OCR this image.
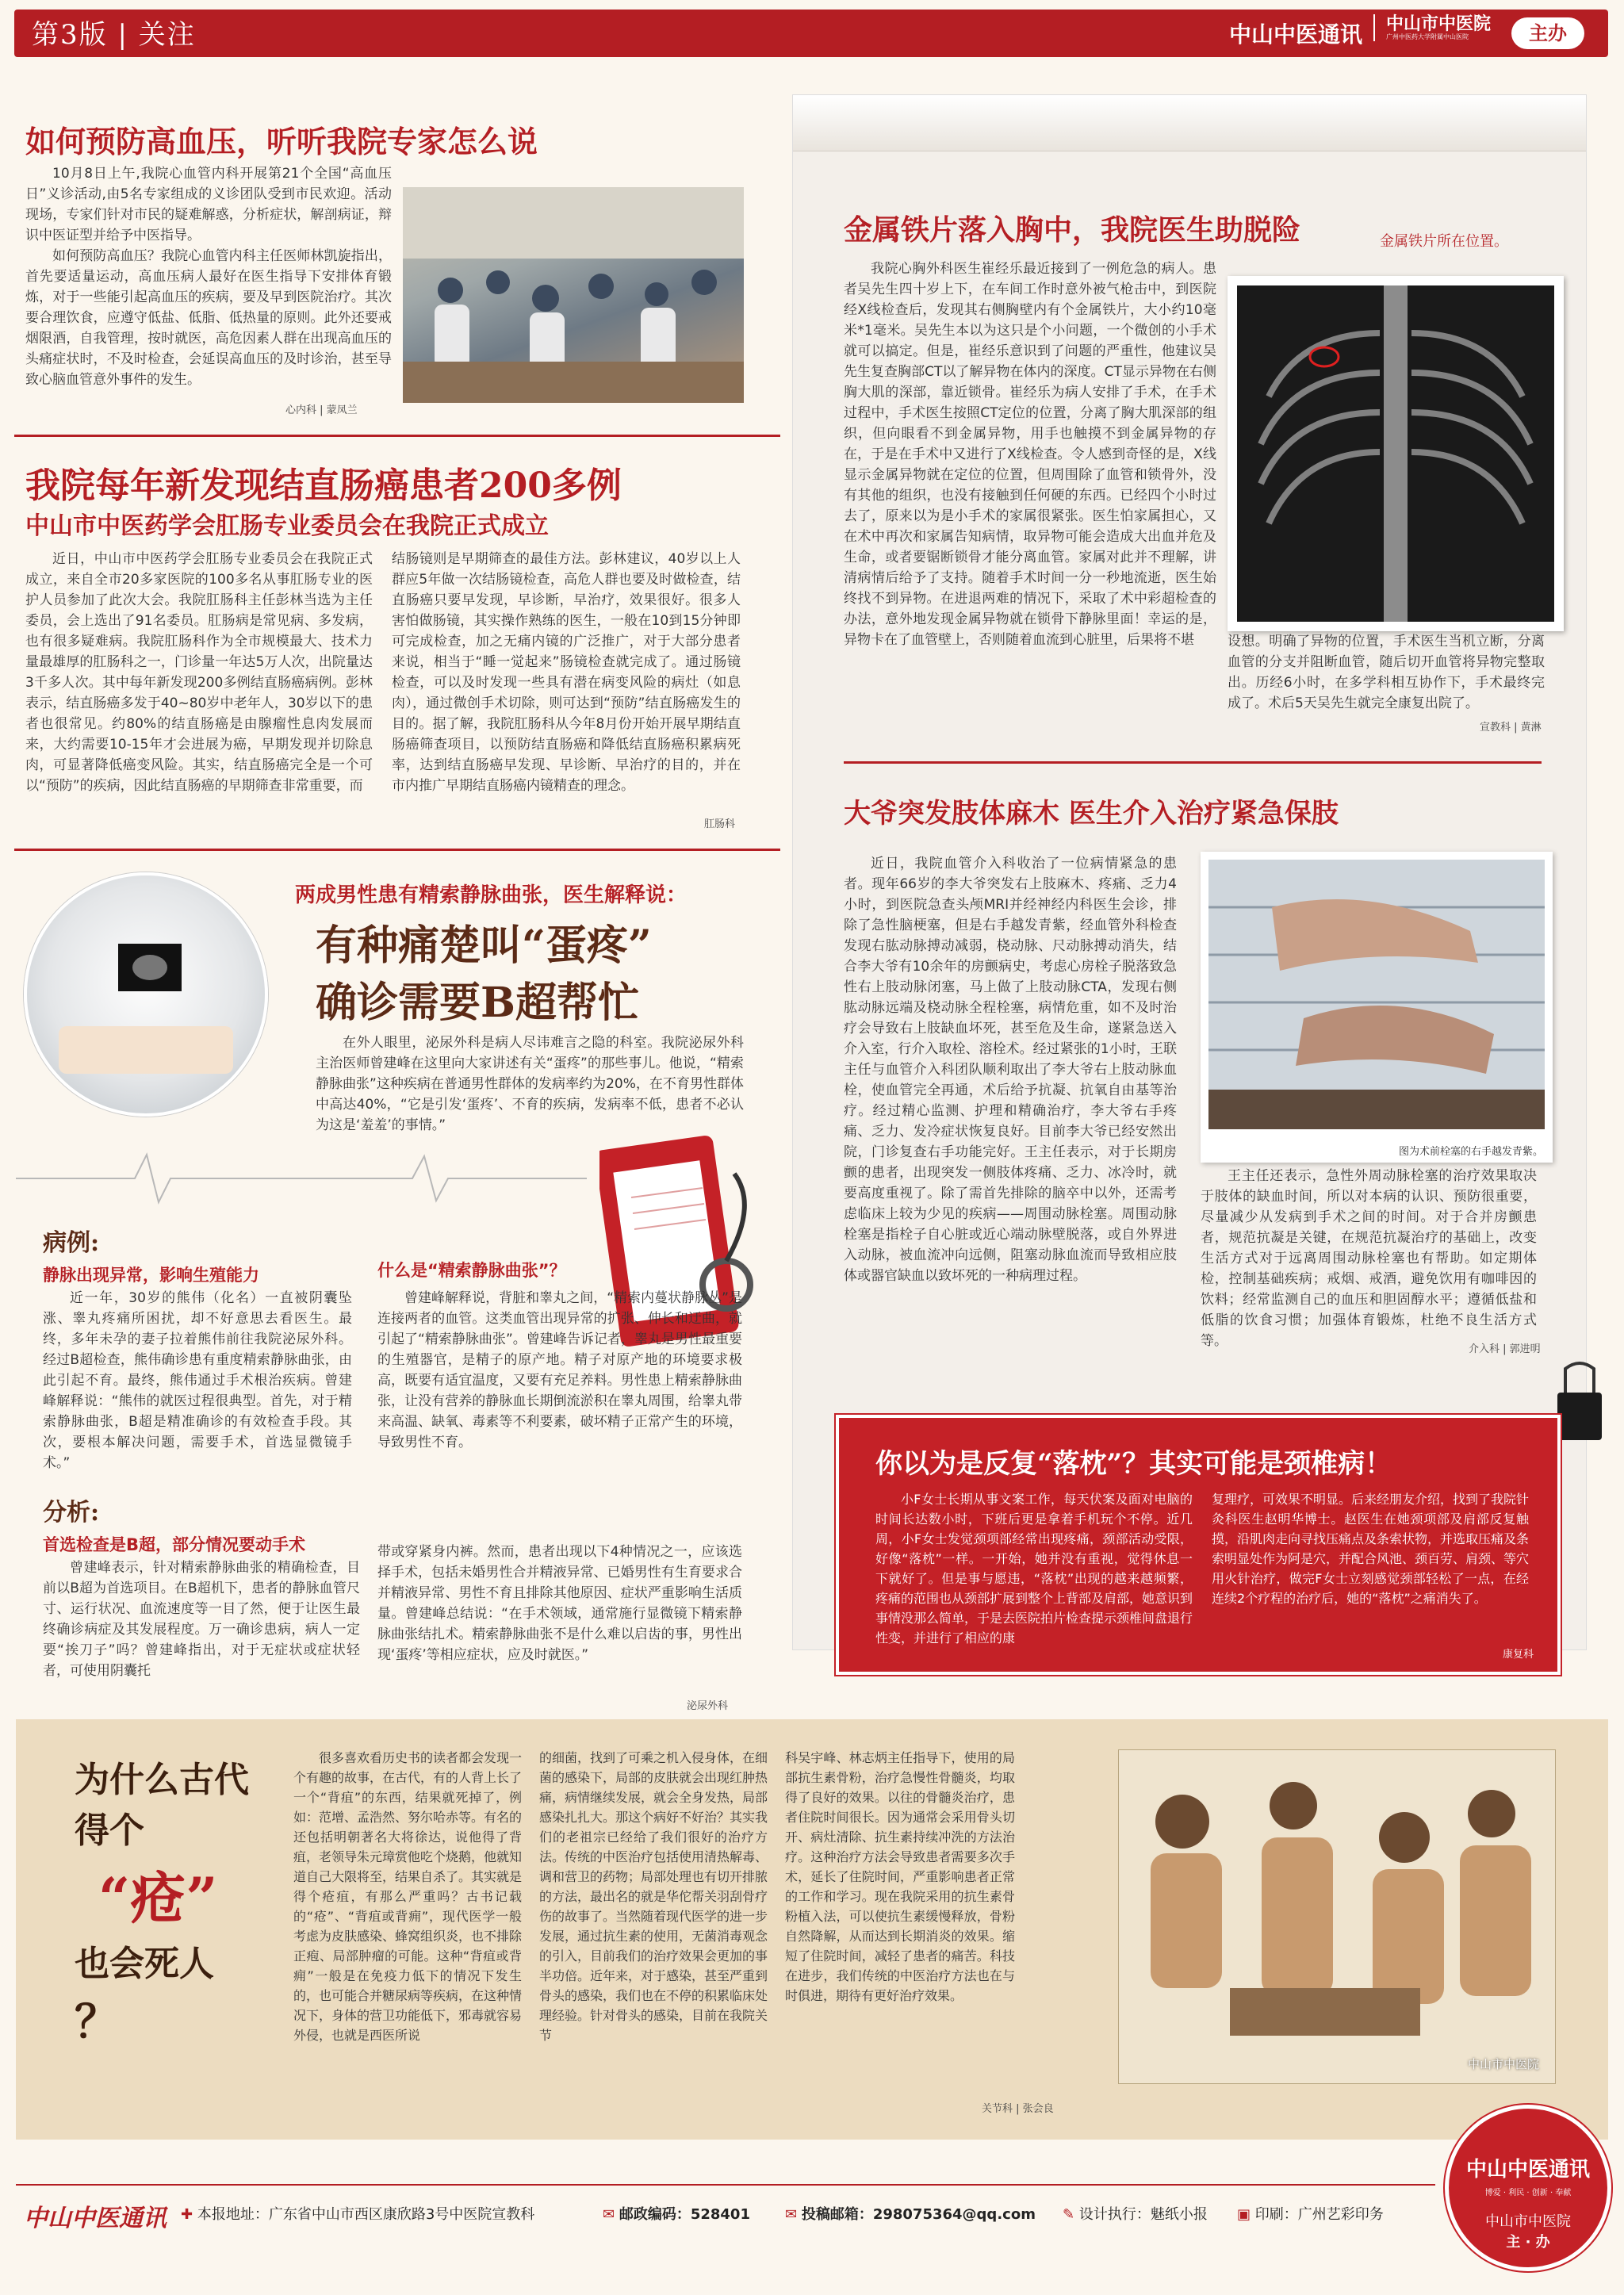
第3版 | 关注	中山中医通讯 中山市中医院
广州中医药大学附属中山医院	主办
如何预防高血压，听听我院专家怎么说

10月8日上午,我院心血管内科开展第21个全国“高血压日”义诊活动,由5名专家组成的义诊团队受到市民欢迎。活动现场，专家们针对市民的疑难解惑，分析症状，解剖病证，辩识中医证型并给予中医指导。

如何预防高血压？我院心血管内科主任医师林凯旋指出，首先要适量运动，高血压病人最好在医生指导下安排体育锻炼，对于一些能引起高血压的疾病，要及早到医院治疗。其次要合理饮食，应遵守低盐、低脂、低热量的原则。此外还要戒烟限酒，自我管理，按时就医，高危因素人群在出现高血压的头痛症状时，不及时检查，会延误高血压的及时诊治，甚至导致心脑血管意外事件的发生。

心内科 | 蒙凤兰
我院每年新发现结直肠癌患者200多例
中山市中医药学会肛肠专业委员会在我院正式成立

近日，中山市中医药学会肛肠专业委员会在我院正式成立，来自全市20多家医院的100多名从事肛肠专业的医护人员参加了此次大会。我院肛肠科主任彭林当选为主任委员，会上选出了91名委员。肛肠病是常见病、多发病，也有很多疑难病。我院肛肠科作为全市规模最大、技术力量最雄厚的肛肠科之一，门诊量一年达5万人次，出院量达3千多人次。其中每年新发现200多例结直肠癌病例。彭林表示，结直肠癌多发于40~80岁中老年人，30岁以下的患者也很常见。约80%的结直肠癌是由腺瘤性息肉发展而来，大约需要10-15年才会进展为癌，早期发现并切除息肉，可显著降低癌变风险。其实，结直肠癌完全是一个可以“预防”的疾病，因此结直肠癌的早期筛查非常重要，而

结肠镜则是早期筛查的最佳方法。彭林建议，40岁以上人群应5年做一次结肠镜检查，高危人群也要及时做检查，结直肠癌只要早发现，早诊断，早治疗，效果很好。很多人害怕做肠镜，其实操作熟练的医生，一般在10到15分钟即可完成检查，加之无痛内镜的广泛推广，对于大部分患者来说，相当于“睡一觉起来”肠镜检查就完成了。通过肠镜检查，可以及时发现一些具有潜在病变风险的病灶（如息肉），通过微创手术切除，则可达到“预防”结直肠癌发生的目的。据了解，我院肛肠科从今年8月份开始开展早期结直肠癌筛查项目，以预防结直肠癌和降低结直肠癌积累病死率，达到结直肠癌早发现、早诊断、早治疗的目的，并在市内推广早期结直肠癌内镜精查的理念。

肛肠科
两成男性患有精索静脉曲张，医生解释说：
有种痛楚叫“蛋疼”
确诊需要B超帮忙

在外人眼里，泌尿外科是病人尽讳难言之隐的科室。我院泌尿外科主治医师曾建峰在这里向大家讲述有关“蛋疼”的那些事儿。他说，“精索静脉曲张”这种疾病在普通男性群体的发病率约为20%，在不育男性群体中高达40%，“它是引发‘蛋疼’、不育的疾病，发病率不低，患者不必认为这是‘羞羞’的事情。”

病例:
静脉出现异常，影响生殖能力

近一年，30岁的熊伟（化名）一直被阴囊坠涨、睾丸疼痛所困扰，却不好意思去看医生。最终，多年未孕的妻子拉着熊伟前往我院泌尿外科。经过B超检查，熊伟确诊患有重度精索静脉曲张，由此引起不育。最终，熊伟通过手术根治疾病。曾建峰解释说：“熊伟的就医过程很典型。首先，对于精索静脉曲张，B超是精准确诊的有效检查手段。其次，要根本解决问题，需要手术，首选显微镜手术。”

什么是“精索静脉曲张”？

曾建峰解释说，背脏和睾丸之间，“精索内蔓状静脉丛”是连接两者的血管。这类血管出现异常的扩张、伸长和迂曲，就引起了“精索静脉曲张”。曾建峰告诉记者，睾丸是男性最重要的生殖器官，是精子的原产地。精子对原产地的环境要求极高，既要有适宜温度，又要有充足养料。男性患上精索静脉曲张，让没有营养的静脉血长期倒流淤积在睾丸周围，给睾丸带来高温、缺氧、毒素等不利要素，破坏精子正常产生的环境，导致男性不育。

分析:
首选检查是B超，部分情况要动手术

曾建峰表示，针对精索静脉曲张的精确检查，目前以B超为首选项目。在B超机下，患者的静脉血管尺寸、运行状况、血流速度等一目了然，便于让医生最终确诊病症及其发展程度。万一确诊患病，病人一定要“挨刀子”吗？曾建峰指出，对于无症状或症状轻者，可使用阴囊托

带或穿紧身内裤。然而，患者出现以下4种情况之一，应该选择手术，包括未婚男性合并精液异常、已婚男性有生育要求合并精液异常、男性不育且排除其他原因、症状严重影响生活质量。曾建峰总结说：“在手术领域，通常施行显微镜下精索静脉曲张结扎术。精索静脉曲张不是什么难以启齿的事，男性出现‘蛋疼’等相应症状，应及时就医。”

泌尿外科
金属铁片落入胸中，我院医生助脱险

我院心胸外科医生崔经乐最近接到了一例危急的病人。患者吴先生四十岁上下，在车间工作时意外被气枪击中，到医院经X线检查后，发现其右侧胸壁内有个金属铁片，大小约10毫米*1毫米。吴先生本以为这只是个小问题，一个微创的小手术就可以搞定。但是，崔经乐意识到了问题的严重性，他建议吴先生复查胸部CT以了解异物在体内的深度。CT显示异物在右侧胸大肌的深部，靠近锁骨。崔经乐为病人安排了手术，在手术过程中，手术医生按照CT定位的位置，分离了胸大肌深部的组织，但向眼看不到金属异物，用手也触摸不到金属异物的存在，于是在手术中又进行了X线检查。令人感到奇怪的是，X线显示金属异物就在定位的位置，但周围除了血管和锁骨外，没有其他的组织，也没有接触到任何硬的东西。已经四个小时过去了，原来以为是小手术的家属很紧张。医生怕家属担心，又在术中再次和家属告知病情，取异物可能会造成大出血并危及生命，或者要锯断锁骨才能分离血管。家属对此并不理解，讲清病情后给予了支持。随着手术时间一分一秒地流逝，医生始终找不到异物。在进退两难的情况下，采取了术中彩超检查的办法，意外地发现金属异物就在锁骨下静脉里面！幸运的是，异物卡在了血管壁上，否则随着血流到心脏里，后果将不堪

金属铁片所在位置。

设想。明确了异物的位置，手术医生当机立断，分离血管的分支并阻断血管，随后切开血管将异物完整取出。历经6小时，在多学科相互协作下，手术最终完成了。术后5天吴先生就完全康复出院了。

宣教科 | 黄淋
大爷突发肢体麻木 医生介入治疗紧急保肢

近日，我院血管介入科收治了一位病情紧急的患者。现年66岁的李大爷突发右上肢麻木、疼痛、乏力4小时，到医院急查头颅MRI并经神经内科医生会诊，排除了急性脑梗塞，但是右手越发青紫，经血管外科检查发现右肱动脉搏动减弱，桡动脉、尺动脉搏动消失，结合李大爷有10余年的房颤病史，考虑心房栓子脱落致急性右上肢动脉闭塞，马上做了上肢动脉CTA，发现右侧肱动脉远端及桡动脉全程栓塞，病情危重，如不及时治疗会导致右上肢缺血坏死，甚至危及生命，遂紧急送入介入室，行介入取栓、溶栓术。经过紧张的1小时，王联主任与血管介入科团队顺利取出了李大爷右上肢动脉血栓，使血管完全再通，术后给予抗凝、抗氧自由基等治疗。经过精心监测、护理和精确治疗，李大爷右手疼痛、乏力、发冷症状恢复良好。目前李大爷已经安然出院，门诊复查右手功能完好。王主任表示，对于长期房颤的患者，出现突发一侧肢体疼痛、乏力、冰冷时，就要高度重视了。除了需首先排除的脑卒中以外，还需考虑临床上较为少见的疾病——周围动脉栓塞。周围动脉栓塞是指栓子自心脏或近心端动脉壁脱落，或自外界进入动脉，被血流冲向远侧，阻塞动脉血流而导致相应肢体或器官缺血以致坏死的一种病理过程。

图为术前栓塞的右手越发青紫。

王主任还表示，急性外周动脉栓塞的治疗效果取决于肢体的缺血时间，所以对本病的认识、预防很重要，尽量减少从发病到手术之间的时间。对于合并房颤患者，规范抗凝是关键，在规范抗凝治疗的基础上，改变生活方式对于远离周围动脉栓塞也有帮助。如定期体检，控制基础疾病；戒烟、戒酒，避免饮用有咖啡因的饮料；经常监测自己的血压和胆固醇水平；遵循低盐和低脂的饮食习惯；加强体育锻炼，杜绝不良生活方式等。

介入科 | 郭进明
你以为是反复“落枕”？其实可能是颈椎病！

小F女士长期从事文案工作，每天伏案及面对电脑的时间长达数小时，下班后更是拿着手机玩个不停。近几周，小F女士发觉颈项部经常出现疼痛，颈部活动受限，好像“落枕”一样。一开始，她并没有重视，觉得休息一下就好了。但是事与愿违，“落枕”出现的越来越频繁，疼痛的范围也从颈部扩展到整个上背部及肩部，她意识到事情没那么简单，于是去医院拍片检查提示颈椎间盘退行性变，并进行了相应的康

复理疗，可效果不明显。后来经朋友介绍，找到了我院针灸科医生赵明华博士。赵医生在她颈项部及肩部反复触摸，沿肌肉走向寻找压痛点及条索状物，并选取压痛及条索明显处作为阿是穴，并配合风池、颈百劳、肩颈、等穴用火针治疗，做完F女士立刻感觉颈部轻松了一点，在经连续2个疗程的治疗后，她的“落枕”之痛消失了。

康复科
为什么古代
得个
“疮”
也会死人
？

很多喜欢看历史书的读者都会发现一个有趣的故事，在古代，有的人背上长了一个“背疽”的东西，结果就死掉了，例如：范增、孟浩然、努尔哈赤等。有名的还包括明朝著名大将徐达，说他得了背疽，老领导朱元璋赏他吃个烧鹅，他就知道自己大限将至，结果自杀了。其实就是得个疮疽，有那么严重吗？古书记载的“疮”、“背疽或背痈”，现代医学一般考虑为皮肤感染、蜂窝组织炎，也不排除正疱、局部肿瘤的可能。这种“背疽或背痈”一般是在免疫力低下的情况下发生的，也可能合并糖尿病等疾病，在这种情况下，身体的营卫功能低下，邪毒就容易外侵，也就是西医所说

的细菌，找到了可乘之机入侵身体，在细菌的感染下，局部的皮肤就会出现红肿热痛，病情继续发展，就会全身发热，局部感染扎扎大。那这个病好不好治？其实我们的老祖宗已经给了我们很好的治疗方法。传统的中医治疗包括使用清热解毒、调和营卫的药物；局部处理也有切开排脓的方法，最出名的就是华佗帮关羽刮骨疗伤的故事了。当然随着现代医学的进一步发展，通过抗生素的使用，无菌消毒观念的引入，目前我们的治疗效果会更加的事半功倍。近年来，对于感染，甚至严重到骨头的感染，我们也在不停的积累临床处理经验。针对骨头的感染，目前在我院关节

科吴宇峰、林志炳主任指导下，使用的局部抗生素骨粉，治疗急慢性骨髓炎，均取得了良好的效果。以往的骨髓炎治疗，患者住院时间很长。因为通常会采用骨头切开、病灶清除、抗生素持续冲洗的方法治疗。这种治疗方法会导致患者需要多次手术，延长了住院时间，严重影响患者正常的工作和学习。现在我院采用的抗生素骨粉植入法，可以使抗生素缓慢释放，骨粉自然降解，从而达到长期消炎的效果。缩短了住院时间，减轻了患者的痛苦。科技在进步，我们传统的中医治疗方法也在与时俱进，期待有更好治疗效果。

关节科 | 张会良
中山市中医院
中山中医通讯
博爱 · 利民 · 创新 · 奉献
中山市中医院
主 · 办
中山中医通讯 ✚ 本报地址：广东省中山市西区康欣路3号中医院宣教科	✉ 邮政编码：528401 ✉ 投稿邮箱：298075364@qq.com ✎ 设计执行：魅纸小报 ▣ 印刷：广州艺彩印务
